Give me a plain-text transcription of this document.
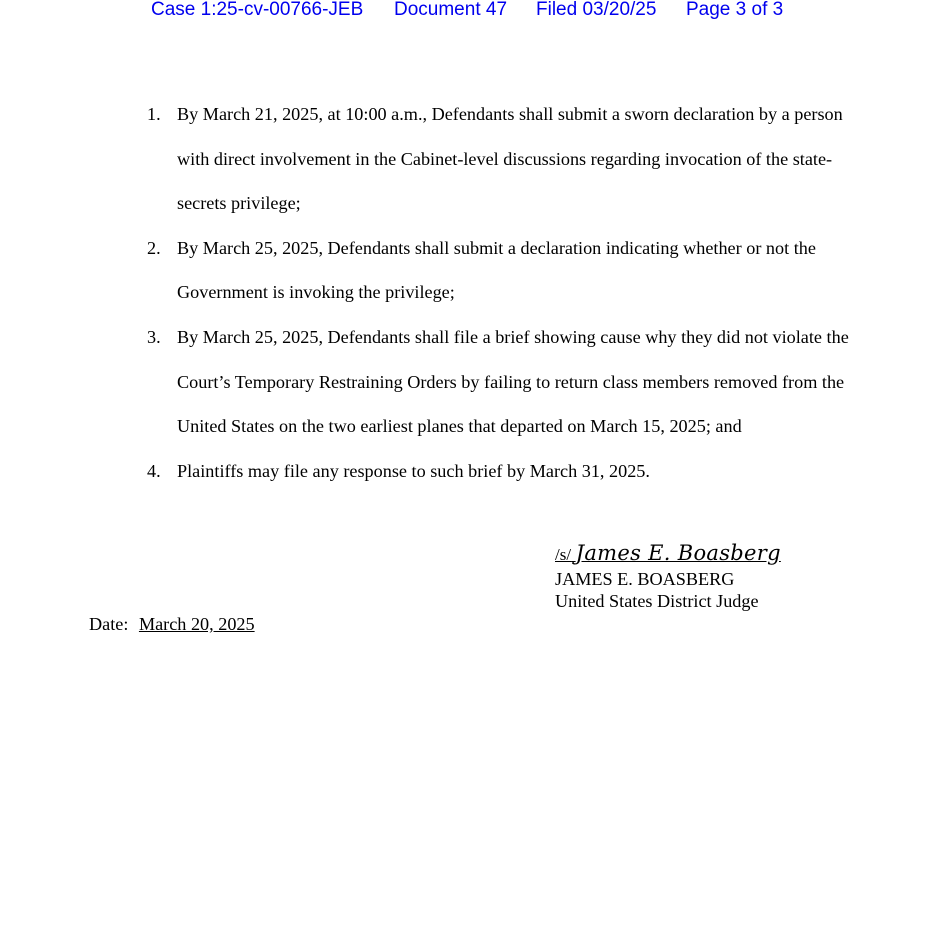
Case 1:25-cv-00766-JEB Document 47 Filed 03/20/25 Page 3 of 3
1. By March 21, 2025, at 10:00 a.m., Defendants shall submit a sworn declaration by a person with direct involvement in the Cabinet-level discussions regarding invocation of the state-secrets privilege;
2. By March 25, 2025, Defendants shall submit a declaration indicating whether or not the Government is invoking the privilege;
3. By March 25, 2025, Defendants shall file a brief showing cause why they did not violate the Court’s Temporary Restraining Orders by failing to return class members removed from the United States on the two earliest planes that departed on March 15, 2025; and
4. Plaintiffs may file any response to such brief by March 31, 2025.
/s/ James E. Boasberg
JAMES E. BOASBERG
United States District Judge
Date: March 20, 2025
